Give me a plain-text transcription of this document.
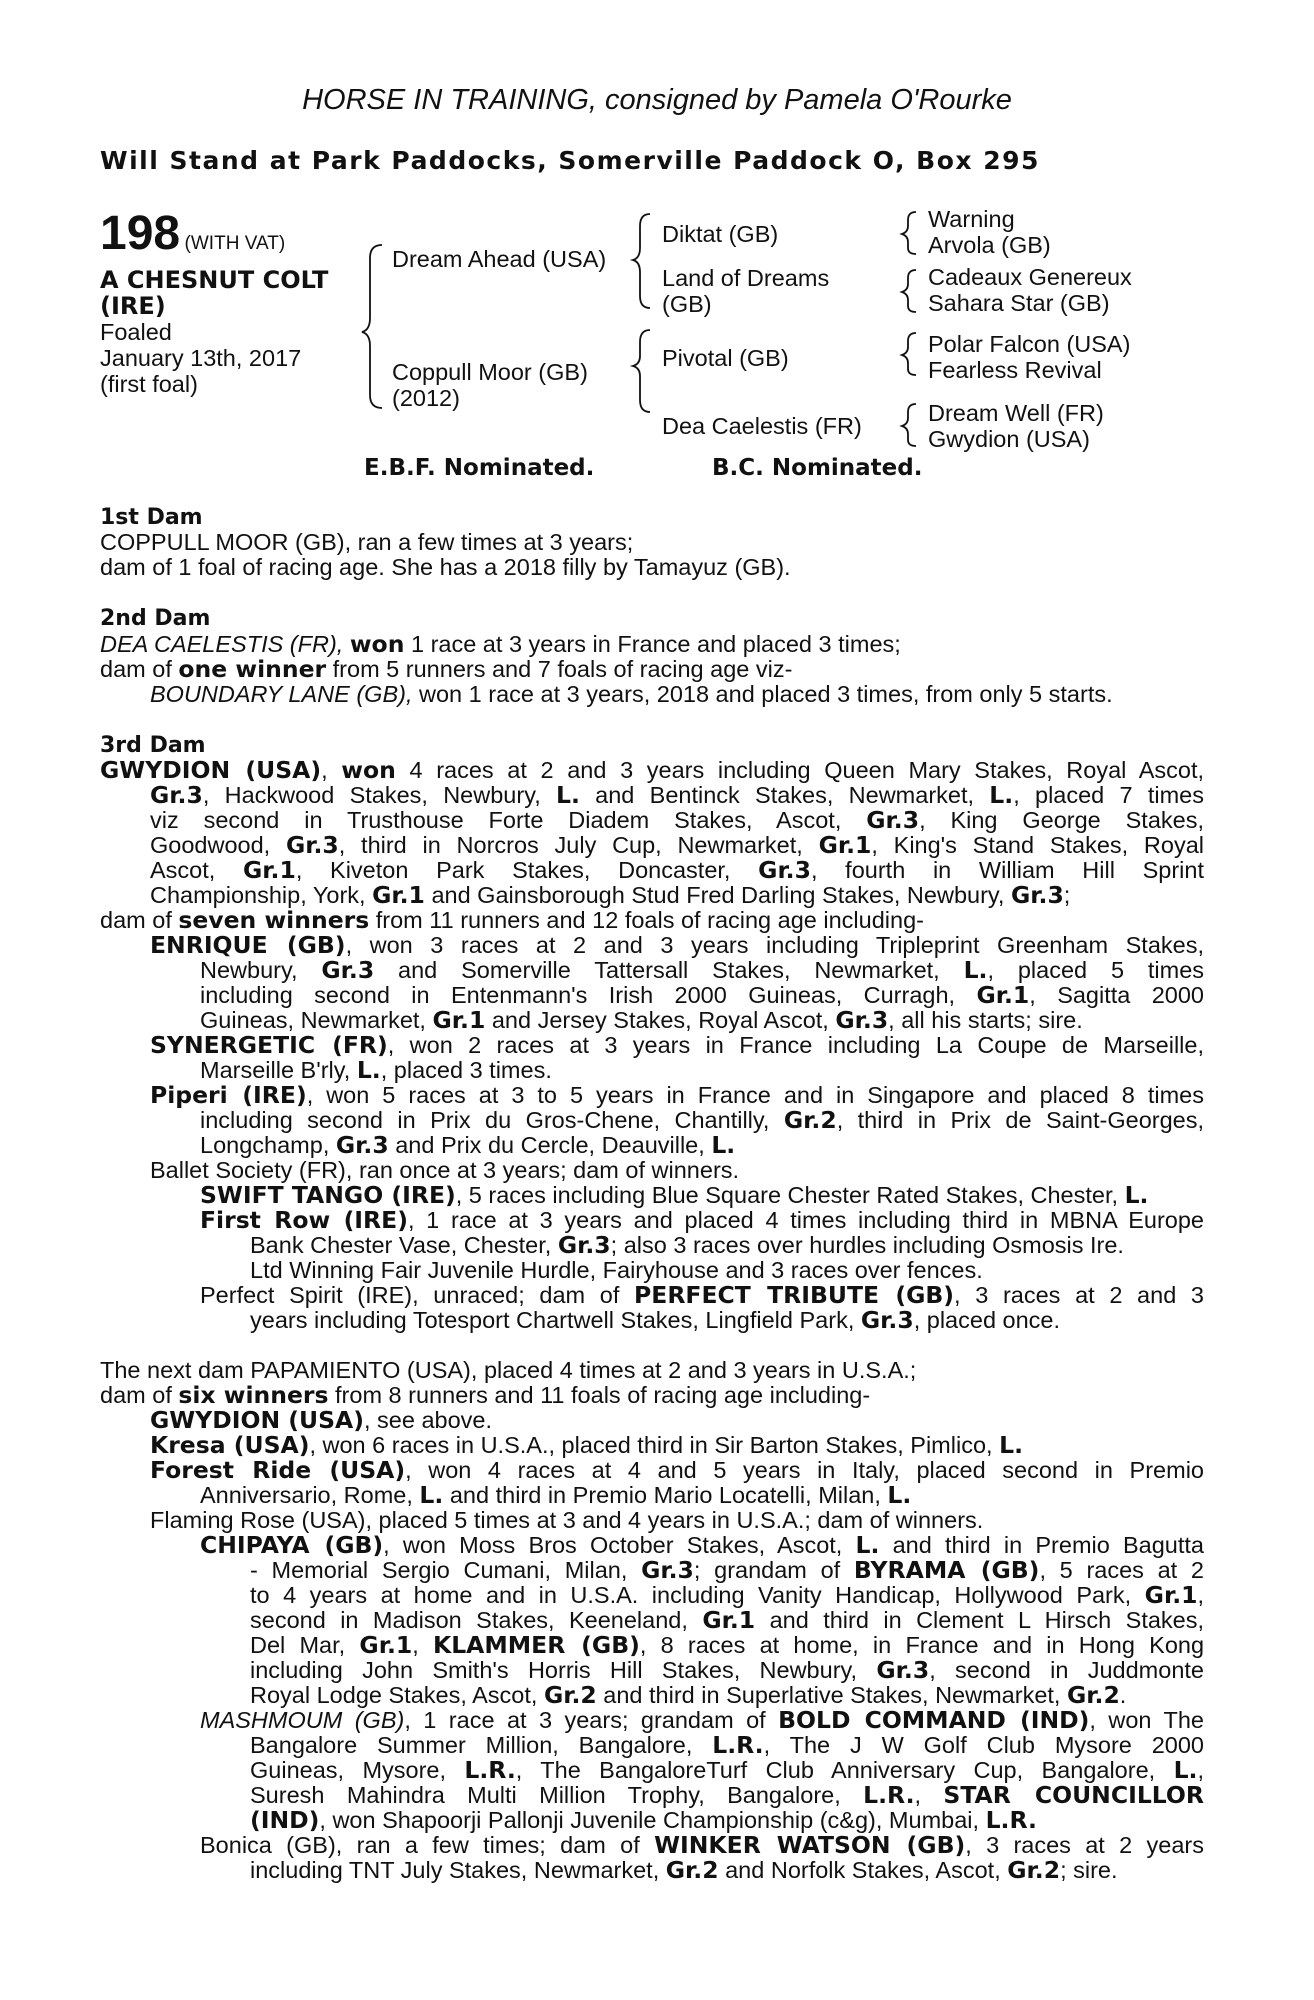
HORSE IN TRAINING, consigned by Pamela O'Rourke
Will Stand at Park Paddocks, Somerville Paddock O, Box 295
198 (WITH VAT)
A CHESNUT COLT
(IRE)
Foaled
January 13th, 2017
(first foal)
Dream Ahead (USA)
Coppull Moor (GB)
(2012)
Diktat (GB)
Land of Dreams
(GB)
Pivotal (GB)
Dea Caelestis (FR)
Warning
Arvola (GB)
Cadeaux Genereux
Sahara Star (GB)
Polar Falcon (USA)
Fearless Revival
Dream Well (FR)
Gwydion (USA)
E.B.F. Nominated.	B.C. Nominated.
1st Dam
COPPULL MOOR (GB), ran a few times at 3 years;
dam of 1 foal of racing age. She has a 2018 filly by Tamayuz (GB).
2nd Dam
DEA CAELESTIS (FR), won 1 race at 3 years in France and placed 3 times;
dam of one winner from 5 runners and 7 foals of racing age viz-
BOUNDARY LANE (GB), won 1 race at 3 years, 2018 and placed 3 times, from only 5 starts.
3rd Dam
GWYDION (USA), won 4 races at 2 and 3 years including Queen Mary Stakes, Royal Ascot,
Gr.3, Hackwood Stakes, Newbury, L. and Bentinck Stakes, Newmarket, L., placed 7 times
viz second in Trusthouse Forte Diadem Stakes, Ascot, Gr.3, King George Stakes,
Goodwood, Gr.3, third in Norcros July Cup, Newmarket, Gr.1, King's Stand Stakes, Royal
Ascot, Gr.1, Kiveton Park Stakes, Doncaster, Gr.3, fourth in William Hill Sprint
Championship, York, Gr.1 and Gainsborough Stud Fred Darling Stakes, Newbury, Gr.3;
dam of seven winners from 11 runners and 12 foals of racing age including-
ENRIQUE (GB), won 3 races at 2 and 3 years including Tripleprint Greenham Stakes,
Newbury, Gr.3 and Somerville Tattersall Stakes, Newmarket, L., placed 5 times
including second in Entenmann's Irish 2000 Guineas, Curragh, Gr.1, Sagitta 2000
Guineas, Newmarket, Gr.1 and Jersey Stakes, Royal Ascot, Gr.3, all his starts; sire.
SYNERGETIC (FR), won 2 races at 3 years in France including La Coupe de Marseille,
Marseille B'rly, L., placed 3 times.
Piperi (IRE), won 5 races at 3 to 5 years in France and in Singapore and placed 8 times
including second in Prix du Gros-Chene, Chantilly, Gr.2, third in Prix de Saint-Georges,
Longchamp, Gr.3 and Prix du Cercle, Deauville, L.
Ballet Society (FR), ran once at 3 years; dam of winners.
SWIFT TANGO (IRE), 5 races including Blue Square Chester Rated Stakes, Chester, L.
First Row (IRE), 1 race at 3 years and placed 4 times including third in MBNA Europe
Bank Chester Vase, Chester, Gr.3; also 3 races over hurdles including Osmosis Ire.
Ltd Winning Fair Juvenile Hurdle, Fairyhouse and 3 races over fences.
Perfect Spirit (IRE), unraced; dam of PERFECT TRIBUTE (GB), 3 races at 2 and 3
years including Totesport Chartwell Stakes, Lingfield Park, Gr.3, placed once.
The next dam PAPAMIENTO (USA), placed 4 times at 2 and 3 years in U.S.A.;
dam of six winners from 8 runners and 11 foals of racing age including-
GWYDION (USA), see above.
Kresa (USA), won 6 races in U.S.A., placed third in Sir Barton Stakes, Pimlico, L.
Forest Ride (USA), won 4 races at 4 and 5 years in Italy, placed second in Premio
Anniversario, Rome, L. and third in Premio Mario Locatelli, Milan, L.
Flaming Rose (USA), placed 5 times at 3 and 4 years in U.S.A.; dam of winners.
CHIPAYA (GB), won Moss Bros October Stakes, Ascot, L. and third in Premio Bagutta
- Memorial Sergio Cumani, Milan, Gr.3; grandam of BYRAMA (GB), 5 races at 2
to 4 years at home and in U.S.A. including Vanity Handicap, Hollywood Park, Gr.1,
second in Madison Stakes, Keeneland, Gr.1 and third in Clement L Hirsch Stakes,
Del Mar, Gr.1, KLAMMER (GB), 8 races at home, in France and in Hong Kong
including John Smith's Horris Hill Stakes, Newbury, Gr.3, second in Juddmonte
Royal Lodge Stakes, Ascot, Gr.2 and third in Superlative Stakes, Newmarket, Gr.2.
MASHMOUM (GB), 1 race at 3 years; grandam of BOLD COMMAND (IND), won The
Bangalore Summer Million, Bangalore, L.R., The J W Golf Club Mysore 2000
Guineas, Mysore, L.R., The BangaloreTurf Club Anniversary Cup, Bangalore, L.,
Suresh Mahindra Multi Million Trophy, Bangalore, L.R., STAR COUNCILLOR
(IND), won Shapoorji Pallonji Juvenile Championship (c&g), Mumbai, L.R.
Bonica (GB), ran a few times; dam of WINKER WATSON (GB), 3 races at 2 years
including TNT July Stakes, Newmarket, Gr.2 and Norfolk Stakes, Ascot, Gr.2; sire.
